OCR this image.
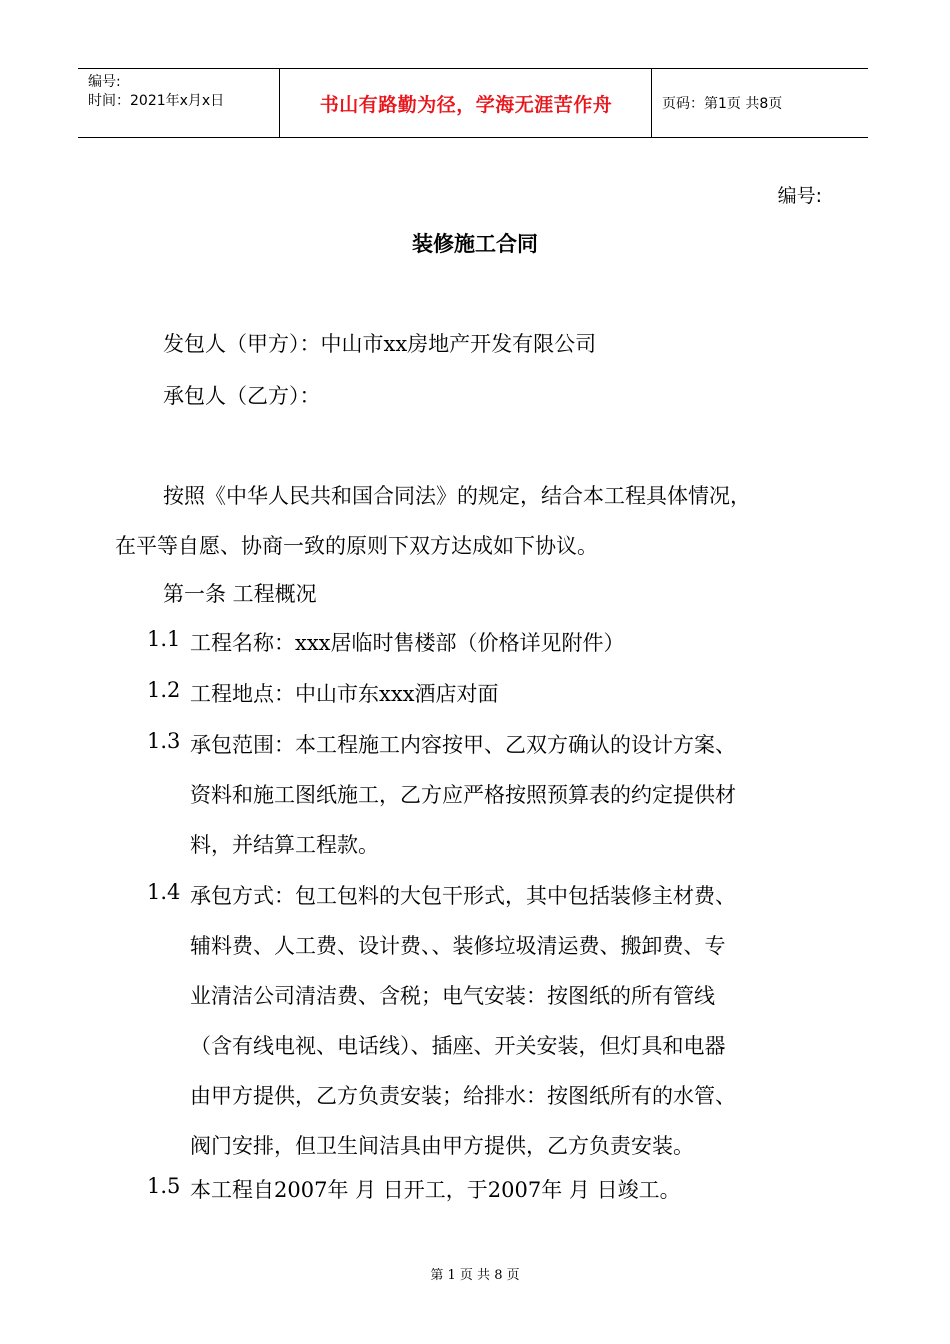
编号:
时间：2021年x月x日	书山有路勤为径，学海无涯苦作舟	页码：第1页 共8页
编号:
装修施工合同
发包人（甲方）：中山市xx房地产开发有限公司
承包人（乙方）：
按照《中华人民共和国合同法》的规定，结合本工程具体情况，
在平等自愿、协商一致的原则下双方达成如下协议。
第一条 工程概况
1.1 工程名称：xxx居临时售楼部（价格详见附件）
1.2 工程地点：中山市东xxx酒店对面
1.3 承包范围：本工程施工内容按甲、乙双方确认的设计方案、
资料和施工图纸施工，乙方应严格按照预算表的约定提供材
料，并结算工程款。
1.4 承包方式：包工包料的大包干形式，其中包括装修主材费、
辅料费、人工费、设计费、、装修垃圾清运费、搬卸费、专
业清洁公司清洁费、含税；电气安装：按图纸的所有管线
（含有线电视、电话线）、插座、开关安装，但灯具和电器
由甲方提供，乙方负责安装；给排水：按图纸所有的水管、
阀门安排，但卫生间洁具由甲方提供，乙方负责安装。
1.5 本工程自2007年 月 日开工，于2007年 月 日竣工。
第 1 页 共 8 页
